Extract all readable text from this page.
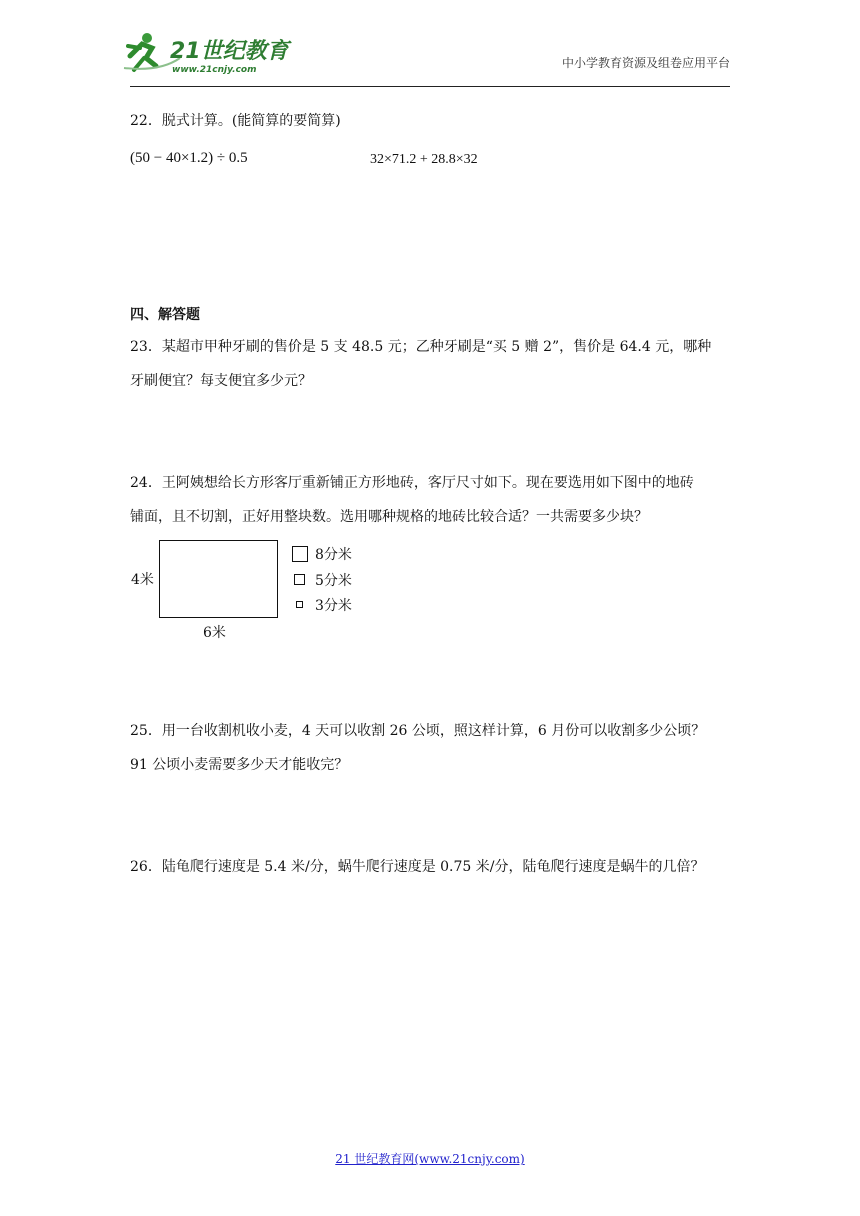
21世纪教育
www.21cnjy.com	中小学教育资源及组卷应用平台
22．脱式计算。(能简算的要简算)
(50 − 40×1.2) ÷ 0.5	32×71.2 + 28.8×32
四、解答题
23．某超市甲种牙刷的售价是 5 支 48.5 元；乙种牙刷是“买 5 赠 2”，售价是 64.4 元，哪种
牙刷便宜？每支便宜多少元？
24．王阿姨想给长方形客厅重新铺正方形地砖，客厅尺寸如下。现在要选用如下图中的地砖
铺面，且不切割，正好用整块数。选用哪种规格的地砖比较合适？一共需要多少块？
4米
6米
8分米
5分米
3分米
25．用一台收割机收小麦，4 天可以收割 26 公顷，照这样计算，6 月份可以收割多少公顷？
91 公顷小麦需要多少天才能收完？
26．陆龟爬行速度是 5.4 米/分，蜗牛爬行速度是 0.75 米/分，陆龟爬行速度是蜗牛的几倍？
21 世纪教育网(www.21cnjy.com)
